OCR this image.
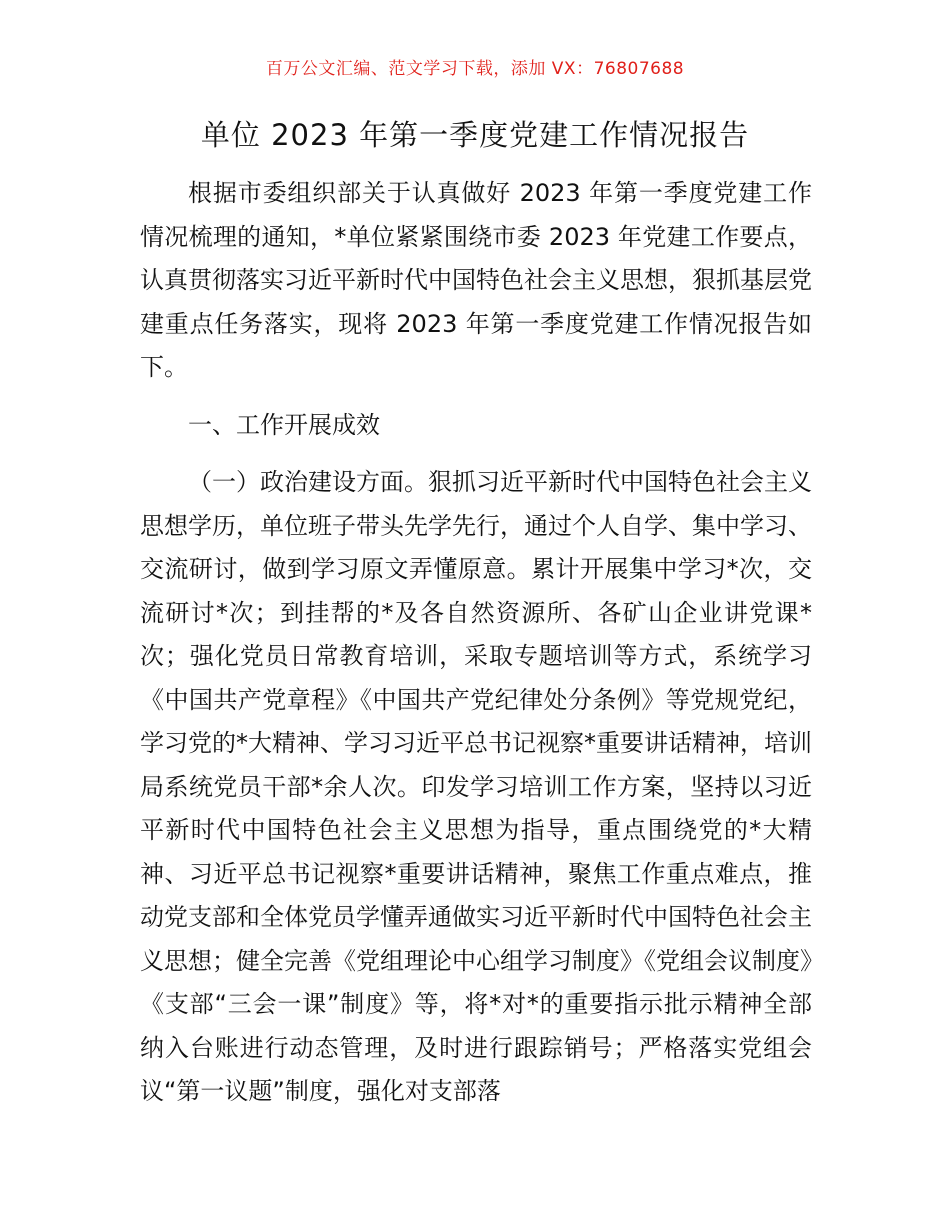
百万公文汇编、范文学习下载，添加 VX：76807688
单位 2023 年第一季度党建工作情况报告

根据市委组织部关于认真做好 2023 年第一季度党建工作情况梳理的通知，*单位紧紧围绕市委 2023 年党建工作要点，认真贯彻落实习近平新时代中国特色社会主义思想，狠抓基层党建重点任务落实，现将 2023 年第一季度党建工作情况报告如下。

一、工作开展成效

（一）政治建设方面。狠抓习近平新时代中国特色社会主义思想学历，单位班子带头先学先行，通过个人自学、集中学习、交流研讨，做到学习原文弄懂原意。累计开展集中学习*次，交流研讨*次；到挂帮的*及各自然资源所、各矿山企业讲党课*次；强化党员日常教育培训，采取专题培训等方式，系统学习《中国共产党章程》《中国共产党纪律处分条例》等党规党纪，学习党的*大精神、学习习近平总书记视察*重要讲话精神，培训局系统党员干部*余人次。印发学习培训工作方案，坚持以习近平新时代中国特色社会主义思想为指导，重点围绕党的*大精神、习近平总书记视察*重要讲话精神，聚焦工作重点难点，推动党支部和全体党员学懂弄通做实习近平新时代中国特色社会主义思想；健全完善《党组理论中心组学习制度》《党组会议制度》《支部“三会一课”制度》等，将*对*的重要指示批示精神全部纳入台账进行动态管理，及时进行跟踪销号；严格落实党组会议“第一议题”制度，强化对支部落
